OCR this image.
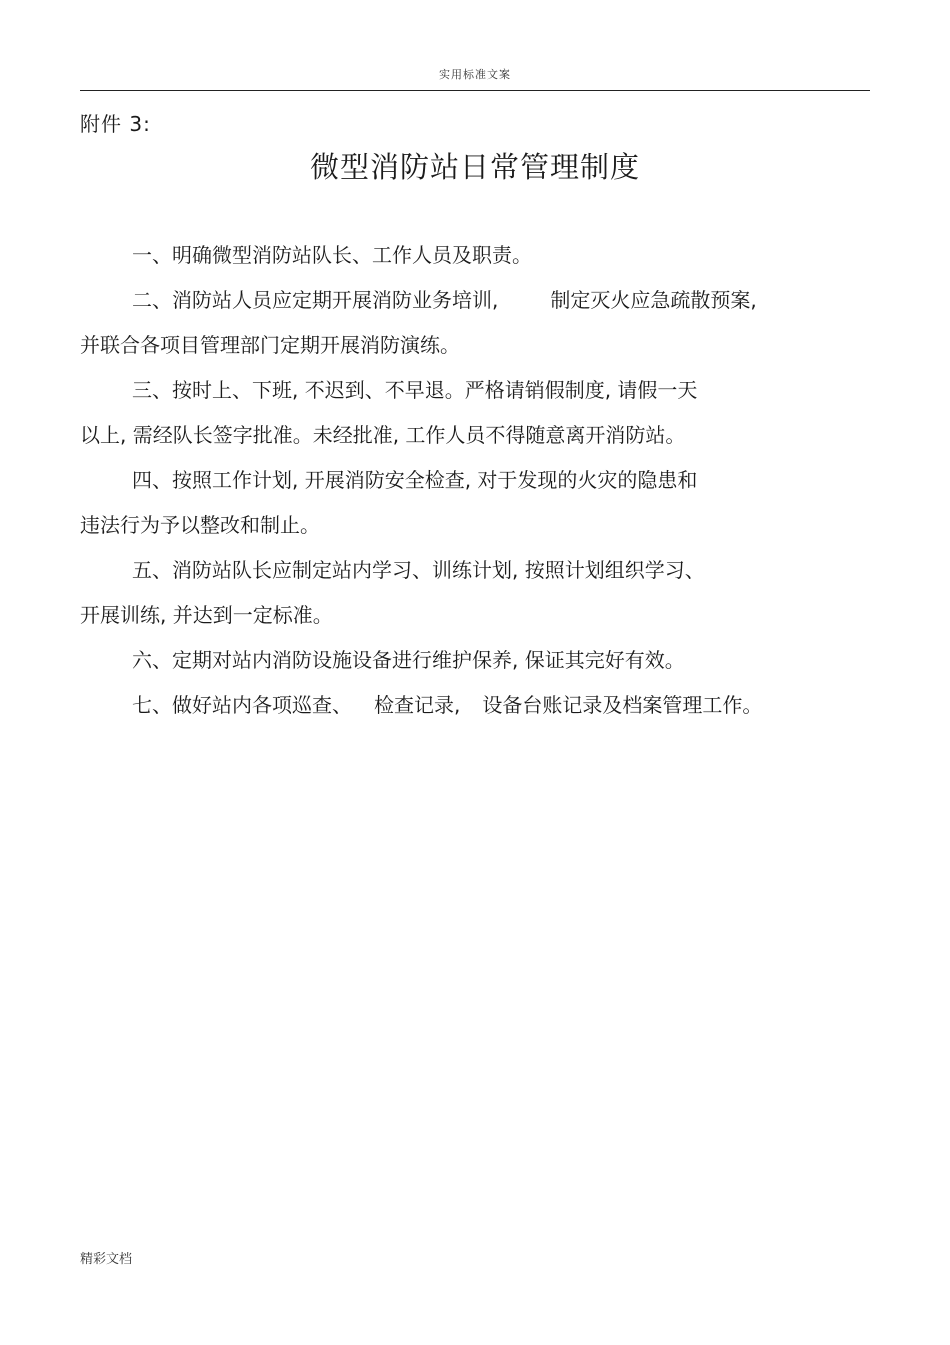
实用标准文案
附件 3:
微型消防站日常管理制度
一、明确微型消防站队长、工作人员及职责。
二、消防站人员应定期开展消防业务培训,	制定灭火应急疏散预案,
并联合各项目管理部门定期开展消防演练。
三、按时上、下班, 不迟到、不早退。严格请销假制度, 请假一天
以上, 需经队长签字批准。未经批准, 工作人员不得随意离开消防站。
四、按照工作计划, 开展消防安全检查, 对于发现的火灾的隐患和
违法行为予以整改和制止。
五、消防站队长应制定站内学习、训练计划, 按照计划组织学习、
开展训练, 并达到一定标准。
六、定期对站内消防设施设备进行维护保养, 保证其完好有效。
七、做好站内各项巡查、 检查记录, 设备台账记录及档案管理工作。
精彩文档
